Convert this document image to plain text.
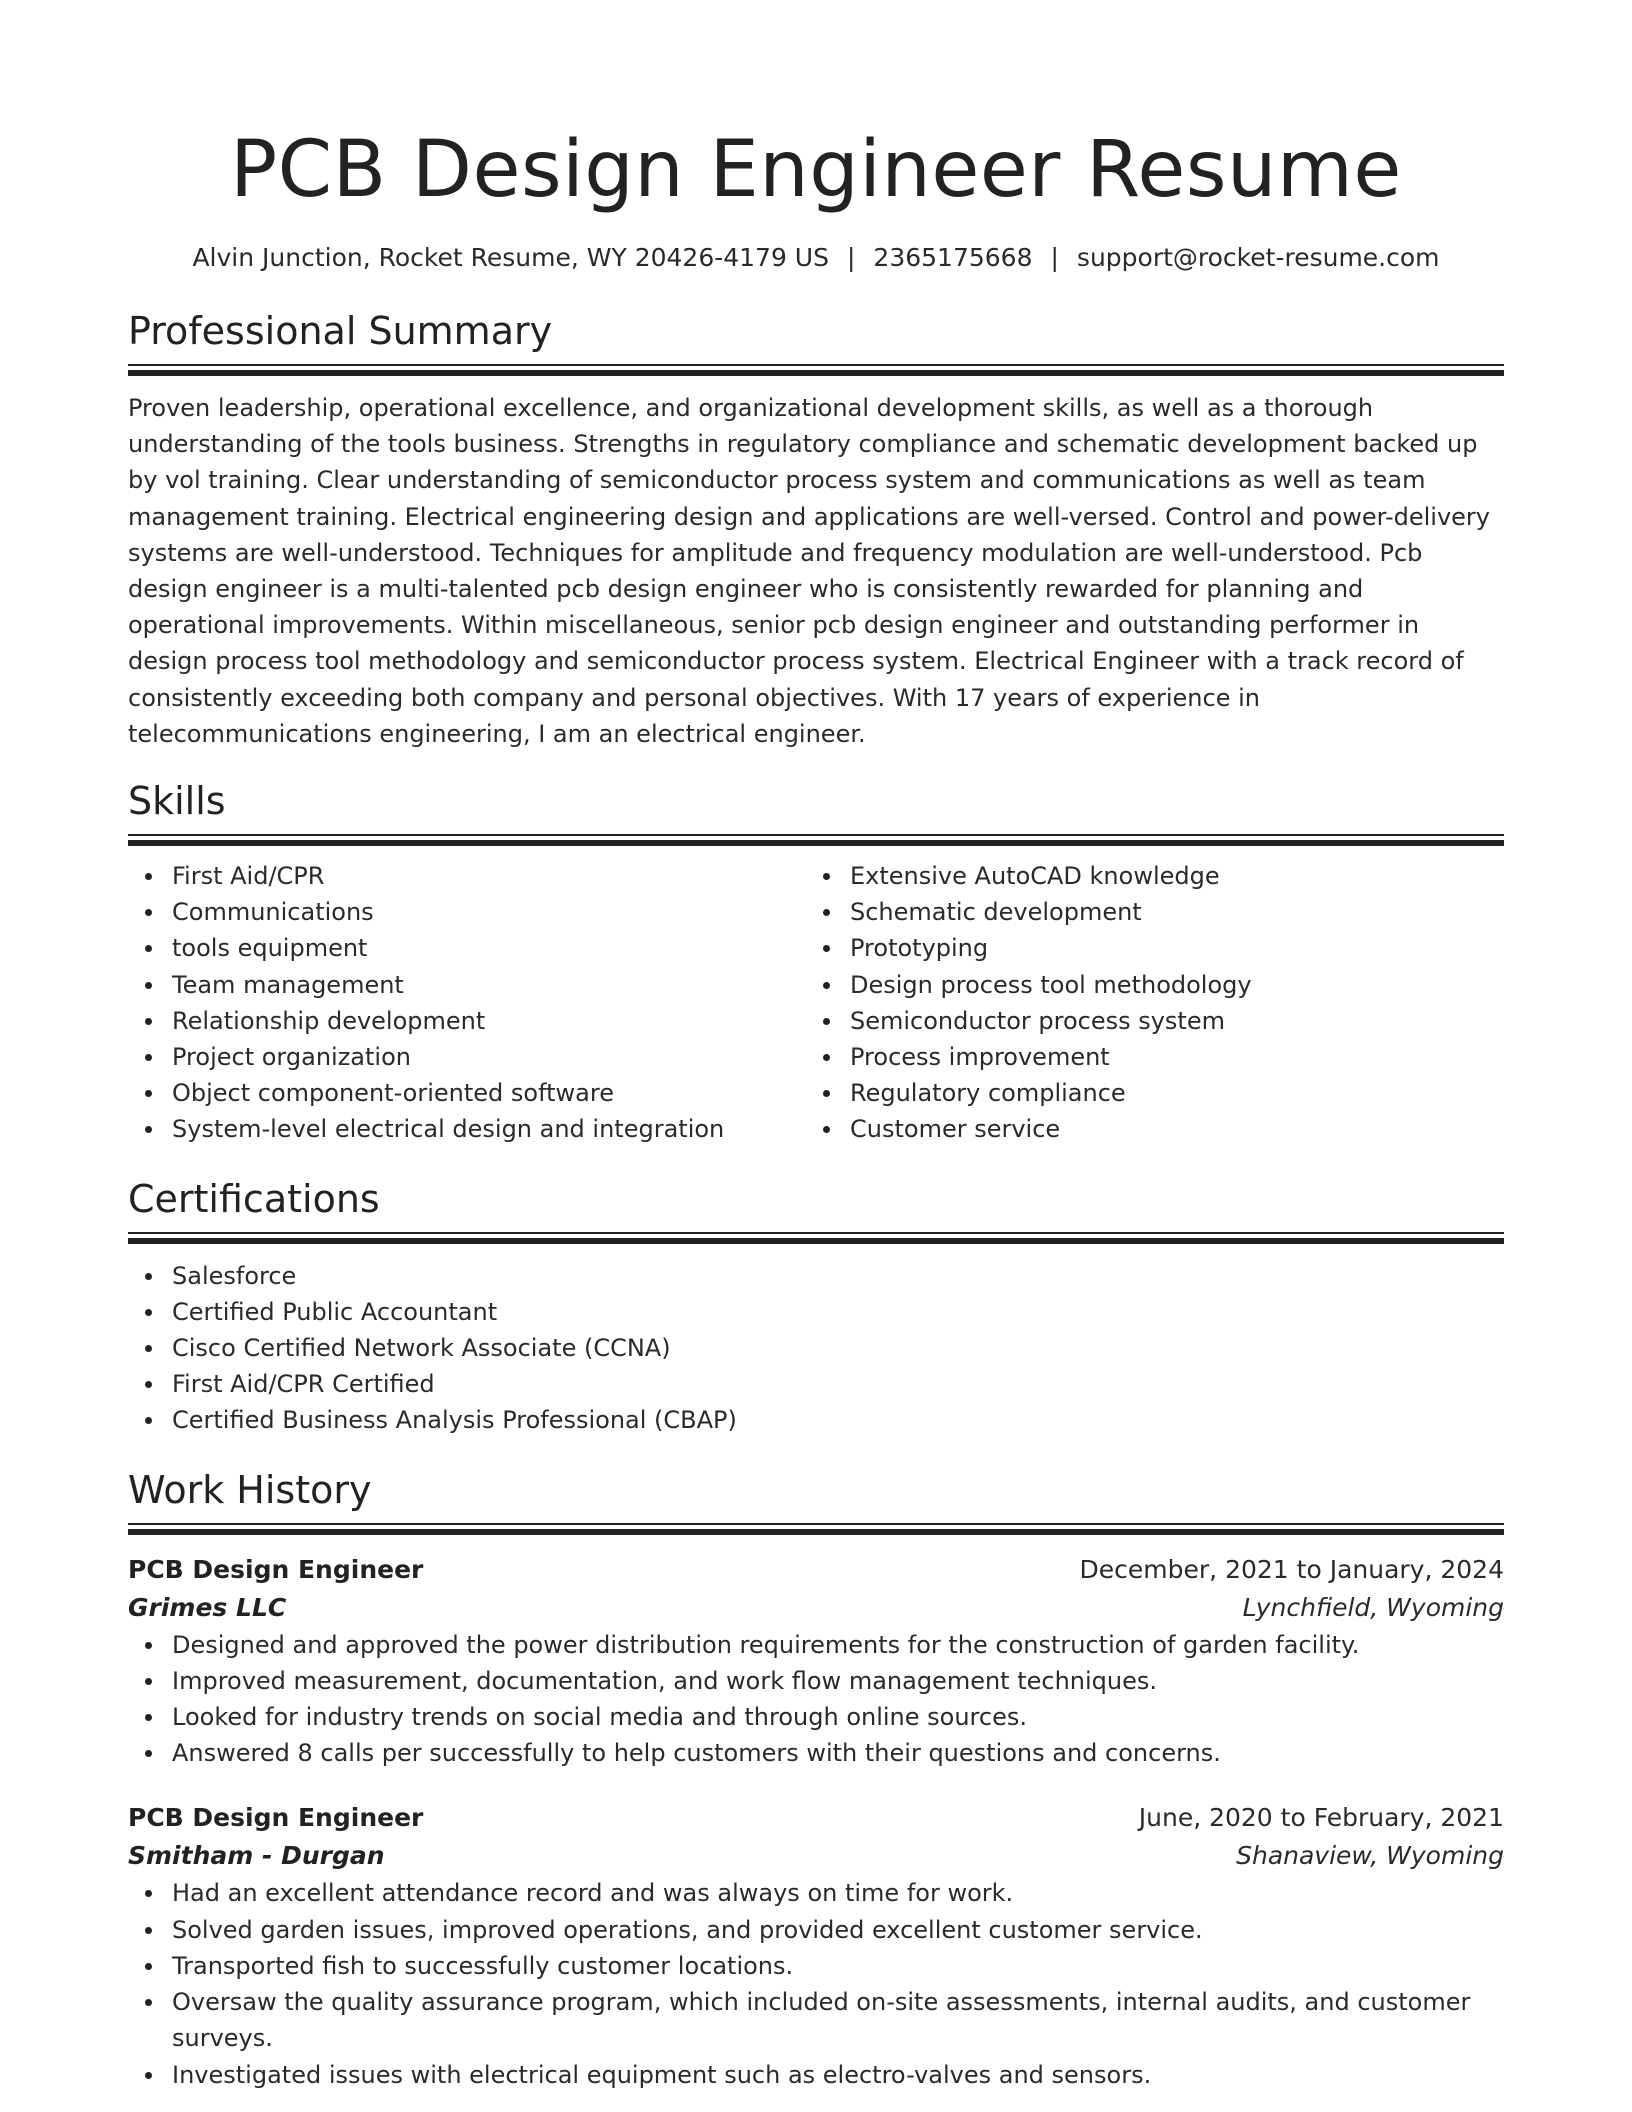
PCB Design Engineer Resume
Alvin Junction, Rocket Resume, WY 20426-4179 US | 2365175668 | support@rocket-resume.com
Professional Summary
Proven leadership, operational excellence, and organizational development skills, as well as a thorough understanding of the tools business. Strengths in regulatory compliance and schematic development backed up by vol training. Clear understanding of semiconductor process system and communications as well as team management training. Electrical engineering design and applications are well-versed. Control and power-delivery systems are well-understood. Techniques for amplitude and frequency modulation are well-understood. Pcb design engineer is a multi-talented pcb design engineer who is consistently rewarded for planning and operational improvements. Within miscellaneous, senior pcb design engineer and outstanding performer in design process tool methodology and semiconductor process system. Electrical Engineer with a track record of consistently exceeding both company and personal objectives. With 17 years of experience in telecommunications engineering, I am an electrical engineer.
Skills
First Aid/CPR
Communications
tools equipment
Team management
Relationship development
Project organization
Object component-oriented software
System-level electrical design and integration
Extensive AutoCAD knowledge
Schematic development
Prototyping
Design process tool methodology
Semiconductor process system
Process improvement
Regulatory compliance
Customer service
Certifications
Salesforce
Certified Public Accountant
Cisco Certified Network Associate (CCNA)
First Aid/CPR Certified
Certified Business Analysis Professional (CBAP)
Work History
PCB Design Engineer	December, 2021 to January, 2024
Grimes LLC	Lynchfield, Wyoming
Designed and approved the power distribution requirements for the construction of garden facility.
Improved measurement, documentation, and work flow management techniques.
Looked for industry trends on social media and through online sources.
Answered 8 calls per successfully to help customers with their questions and concerns.
PCB Design Engineer	June, 2020 to February, 2021
Smitham - Durgan	Shanaview, Wyoming
Had an excellent attendance record and was always on time for work.
Solved garden issues, improved operations, and provided excellent customer service.
Transported fish to successfully customer locations.
Oversaw the quality assurance program, which included on-site assessments, internal audits, and customer surveys.
Investigated issues with electrical equipment such as electro-valves and sensors.
